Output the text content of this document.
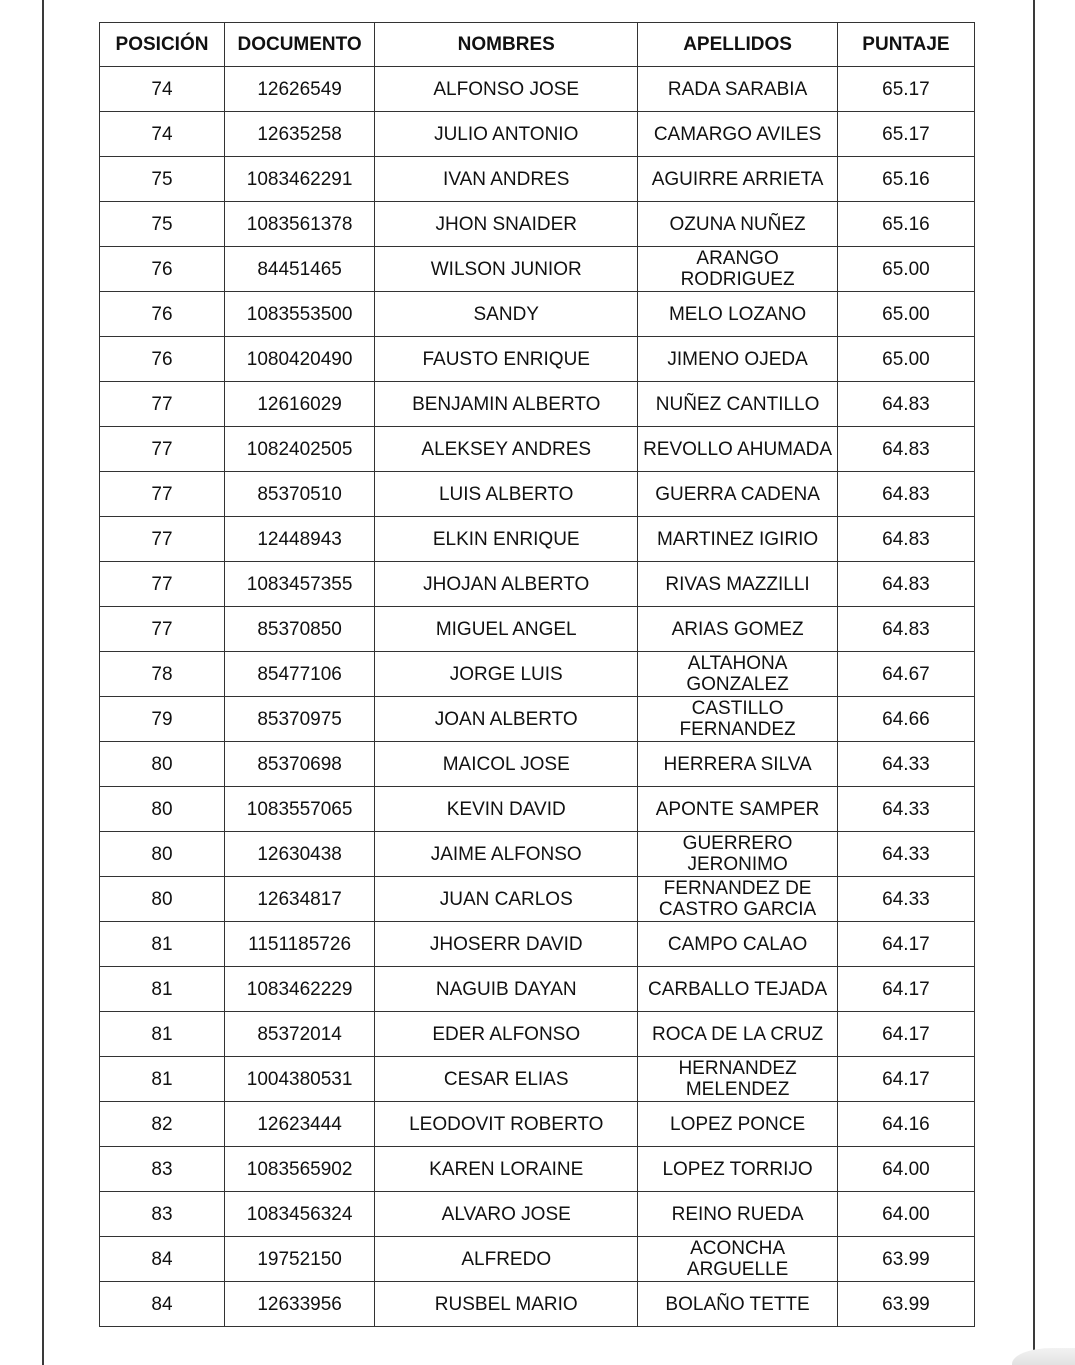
POSICIÓN	DOCUMENTO	NOMBRES	APELLIDOS	PUNTAJE
74	12626549	ALFONSO JOSE	RADA SARABIA	65.17
74	12635258	JULIO ANTONIO	CAMARGO AVILES	65.17
75	1083462291	IVAN ANDRES	AGUIRRE ARRIETA	65.16
75	1083561378	JHON SNAIDER	OZUNA NUÑEZ	65.16
76	84451465	WILSON JUNIOR	ARANGO RODRIGUEZ	65.00
76	1083553500	SANDY	MELO LOZANO	65.00
76	1080420490	FAUSTO ENRIQUE	JIMENO OJEDA	65.00
77	12616029	BENJAMIN ALBERTO	NUÑEZ CANTILLO	64.83
77	1082402505	ALEKSEY ANDRES	REVOLLO AHUMADA	64.83
77	85370510	LUIS ALBERTO	GUERRA CADENA	64.83
77	12448943	ELKIN ENRIQUE	MARTINEZ IGIRIO	64.83
77	1083457355	JHOJAN ALBERTO	RIVAS MAZZILLI	64.83
77	85370850	MIGUEL ANGEL	ARIAS GOMEZ	64.83
78	85477106	JORGE LUIS	ALTAHONA GONZALEZ	64.67
79	85370975	JOAN ALBERTO	CASTILLO FERNANDEZ	64.66
80	85370698	MAICOL JOSE	HERRERA SILVA	64.33
80	1083557065	KEVIN DAVID	APONTE SAMPER	64.33
80	12630438	JAIME ALFONSO	GUERRERO JERONIMO	64.33
80	12634817	JUAN CARLOS	FERNANDEZ DE CASTRO GARCIA	64.33
81	1151185726	JHOSERR DAVID	CAMPO CALAO	64.17
81	1083462229	NAGUIB DAYAN	CARBALLO TEJADA	64.17
81	85372014	EDER ALFONSO	ROCA DE LA CRUZ	64.17
81	1004380531	CESAR ELIAS	HERNANDEZ MELENDEZ	64.17
82	12623444	LEODOVIT ROBERTO	LOPEZ PONCE	64.16
83	1083565902	KAREN LORAINE	LOPEZ TORRIJO	64.00
83	1083456324	ALVARO JOSE	REINO RUEDA	64.00
84	19752150	ALFREDO	ACONCHA ARGUELLE	63.99
84	12633956	RUSBEL MARIO	BOLAÑO TETTE	63.99
